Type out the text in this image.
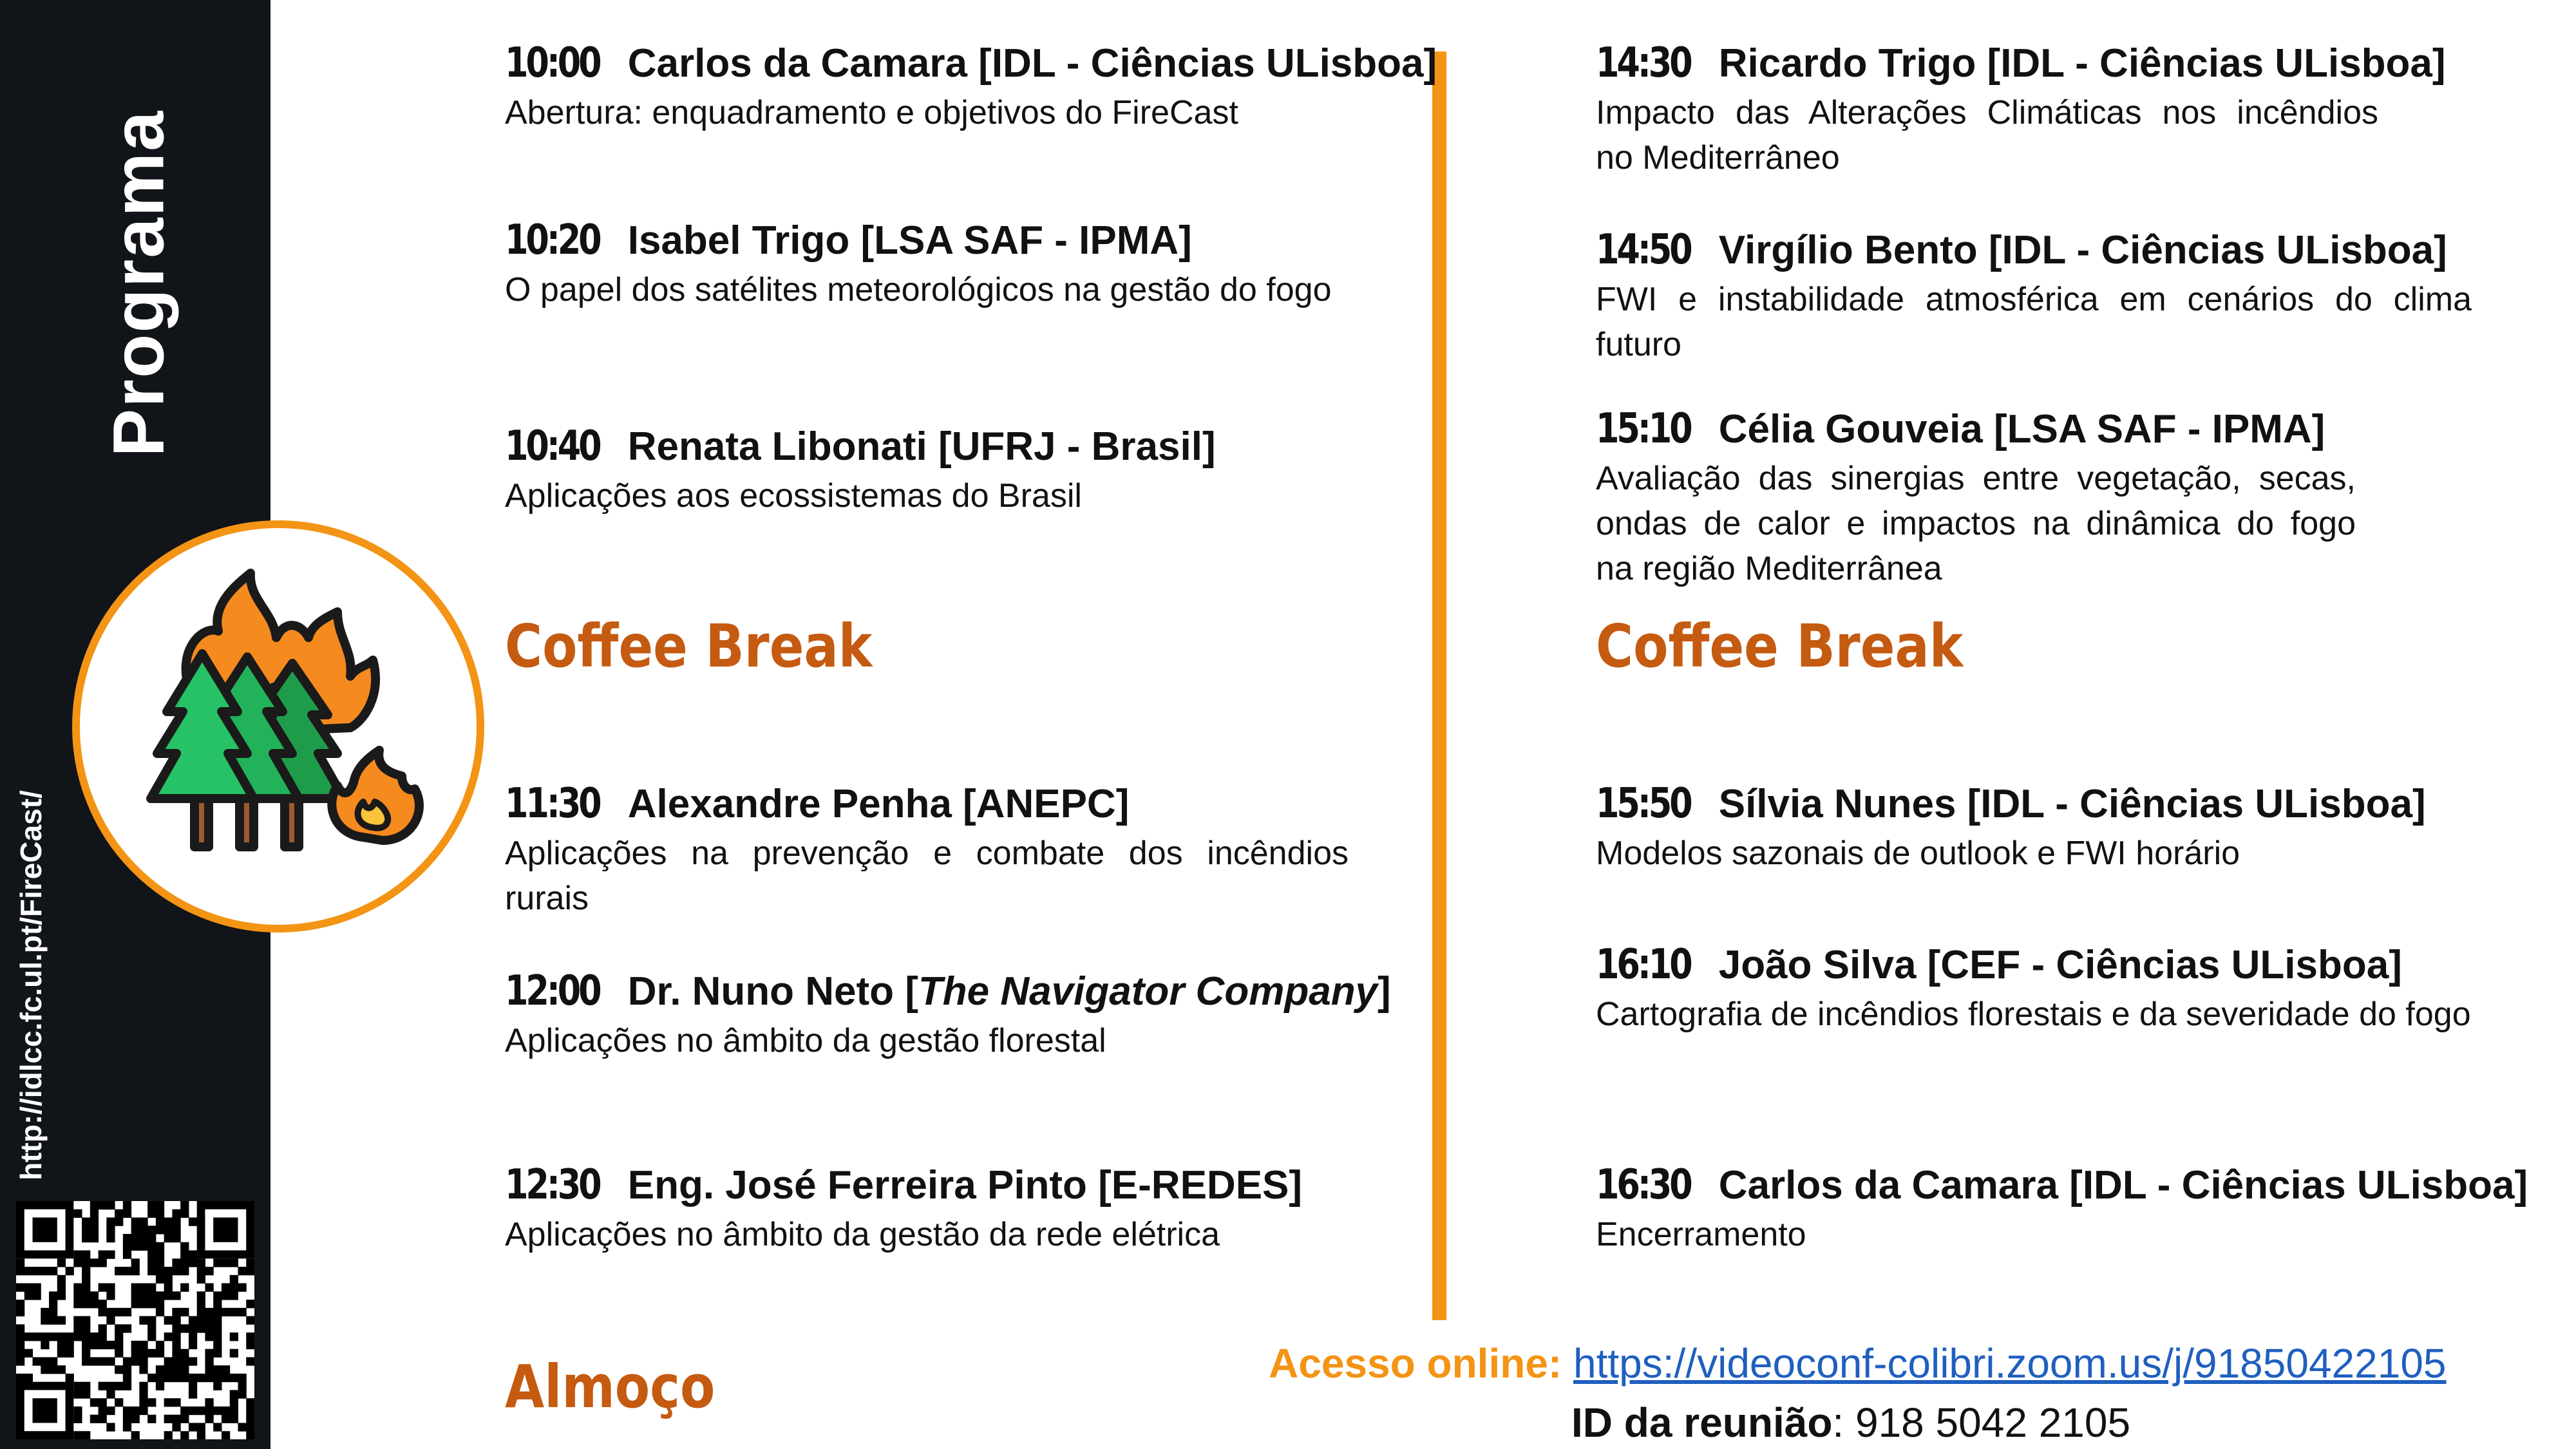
Programa
http://idlcc.fc.ul.pt/FireCast/
10:00 Carlos da Camara [IDL - Ciências ULisboa]
Abertura: enquadramento e objetivos do FireCast
10:20 Isabel Trigo [LSA SAF - IPMA]
O papel dos satélites meteorológicos na gestão do fogo
10:40 Renata Libonati [UFRJ - Brasil]
Aplicações aos ecossistemas do Brasil
Coffee Break
11:30 Alexandre Penha [ANEPC]
Aplicações na prevenção e combate dos incêndios rurais
12:00 Dr. Nuno Neto [The Navigator Company]
Aplicações no âmbito da gestão florestal
12:30 Eng. José Ferreira Pinto [E-REDES]
Aplicações no âmbito da gestão da rede elétrica
Almoço
14:30 Ricardo Trigo [IDL - Ciências ULisboa]
Impacto das Alterações Climáticas nos incêndios
no Mediterrâneo
14:50 Virgílio Bento [IDL - Ciências ULisboa]
FWI e instabilidade atmosférica em cenários do clima futuro
15:10 Célia Gouveia [LSA SAF - IPMA]
Avaliação das sinergias entre vegetação, secas,
ondas de calor e impactos na dinâmica do fogo
na região Mediterrânea
Coffee Break
15:50 Sílvia Nunes [IDL - Ciências ULisboa]
Modelos sazonais de outlook e FWI horário
16:10 João Silva [CEF - Ciências ULisboa]
Cartografia de incêndios florestais e da severidade do fogo
16:30 Carlos da Camara [IDL - Ciências ULisboa]
Encerramento
Acesso online: https://videoconf-colibri.zoom.us/j/91850422105
ID da reunião: 918 5042 2105
